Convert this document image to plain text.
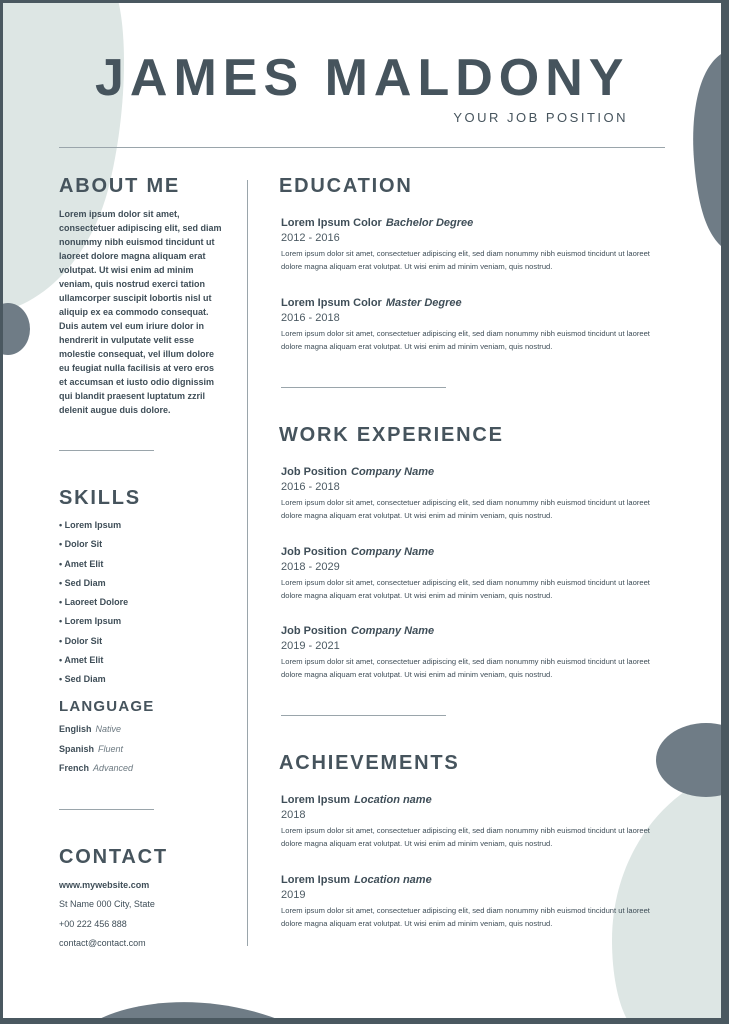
JAMES MALDONY
YOUR JOB POSITION
ABOUT ME
Lorem ipsum dolor sit amet, consectetuer adipiscing elit, sed diam nonummy nibh euismod tincidunt ut laoreet dolore magna aliquam erat volutpat. Ut wisi enim ad minim veniam, quis nostrud exerci tation ullamcorper suscipit lobortis nisl ut aliquip ex ea commodo consequat. Duis autem vel eum iriure dolor in hendrerit in vulputate velit esse molestie consequat, vel illum dolore eu feugiat nulla facilisis at vero eros et accumsan et iusto odio dignissim qui blandit praesent luptatum zzril delenit augue duis dolore.
SKILLS
• Lorem Ipsum
• Dolor Sit
• Amet Elit
• Sed Diam
• Laoreet Dolore
• Lorem Ipsum
• Dolor Sit
• Amet Elit
• Sed Diam
LANGUAGE
English Native
Spanish Fluent
French Advanced
CONTACT
www.mywebsite.com
St Name 000 City, State
+00 222 456 888
contact@contact.com
EDUCATION
Lorem Ipsum Color Bachelor Degree
2012 - 2016
Lorem ipsum dolor sit amet, consectetuer adipiscing elit, sed diam nonummy nibh euismod tincidunt ut laoreet dolore magna aliquam erat volutpat. Ut wisi enim ad minim veniam, quis nostrud.
Lorem Ipsum Color Master Degree
2016 - 2018
Lorem ipsum dolor sit amet, consectetuer adipiscing elit, sed diam nonummy nibh euismod tincidunt ut laoreet dolore magna aliquam erat volutpat. Ut wisi enim ad minim veniam, quis nostrud.
WORK EXPERIENCE
Job Position Company Name
2016 - 2018
Lorem ipsum dolor sit amet, consectetuer adipiscing elit, sed diam nonummy nibh euismod tincidunt ut laoreet dolore magna aliquam erat volutpat. Ut wisi enim ad minim veniam, quis nostrud.
Job Position Company Name
2018 - 2029
Lorem ipsum dolor sit amet, consectetuer adipiscing elit, sed diam nonummy nibh euismod tincidunt ut laoreet dolore magna aliquam erat volutpat. Ut wisi enim ad minim veniam, quis nostrud.
Job Position Company Name
2019 - 2021
Lorem ipsum dolor sit amet, consectetuer adipiscing elit, sed diam nonummy nibh euismod tincidunt ut laoreet dolore magna aliquam erat volutpat. Ut wisi enim ad minim veniam, quis nostrud.
ACHIEVEMENTS
Lorem Ipsum Location name
2018
Lorem ipsum dolor sit amet, consectetuer adipiscing elit, sed diam nonummy nibh euismod tincidunt ut laoreet dolore magna aliquam erat volutpat. Ut wisi enim ad minim veniam, quis nostrud.
Lorem Ipsum Location name
2019
Lorem ipsum dolor sit amet, consectetuer adipiscing elit, sed diam nonummy nibh euismod tincidunt ut laoreet dolore magna aliquam erat volutpat. Ut wisi enim ad minim veniam, quis nostrud.
